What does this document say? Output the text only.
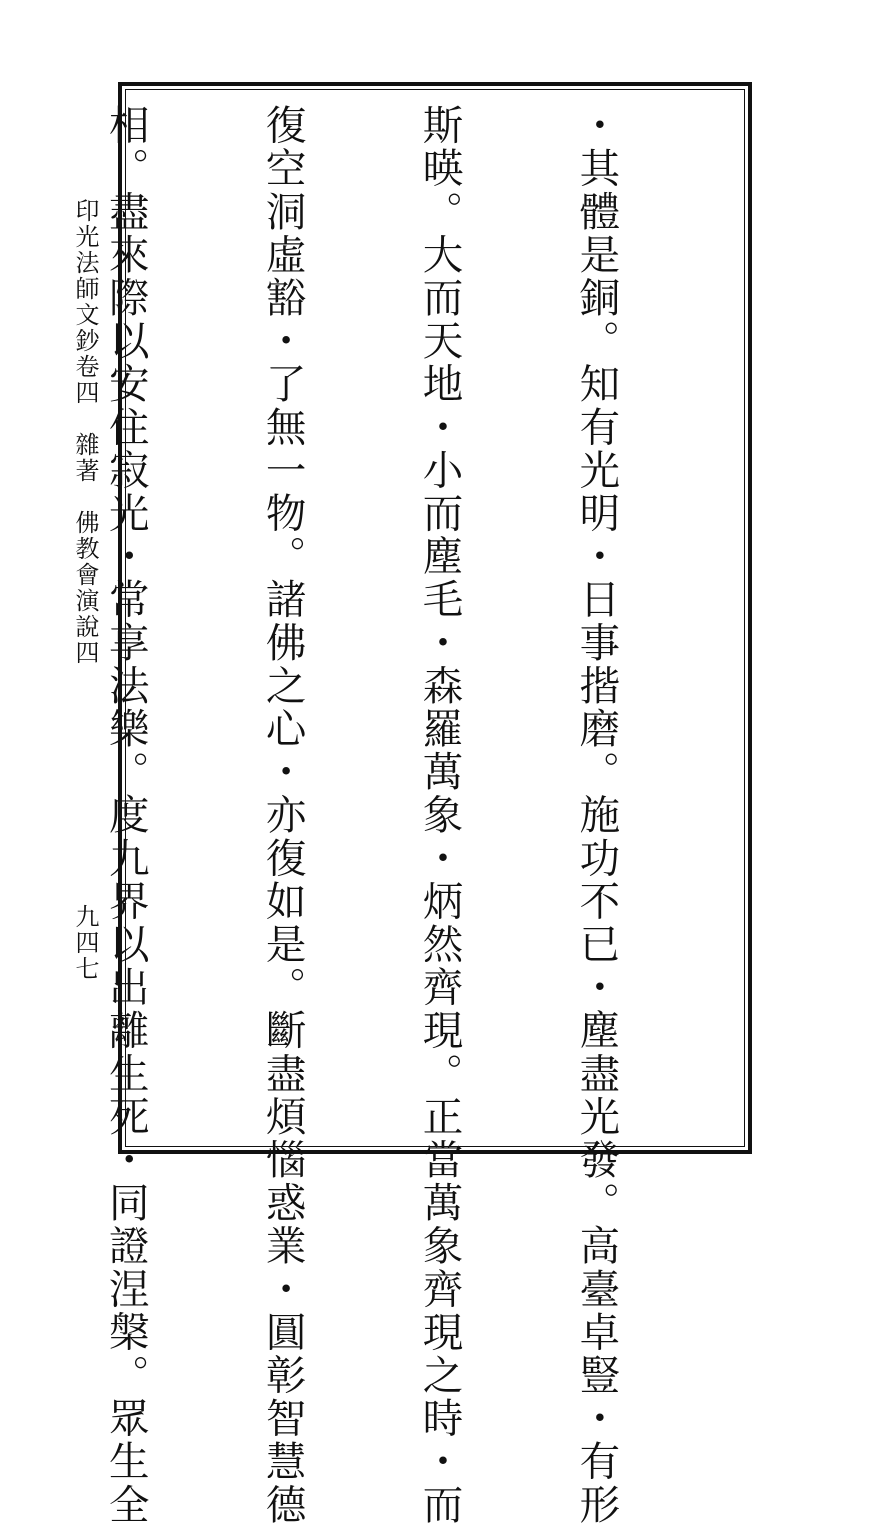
・其體是銅。知有光明・日事揩磨。施功不已・塵盡光發。高臺卓豎・有形

斯暎。大而天地・小而塵毛・森羅萬象・炳然齊現。正當萬象齊現之時・而

復空洞虛豁・了無一物。諸佛之心・亦復如是。斷盡煩惱惑業・圓彰智慧德

相。盡來際以安住寂光・常享法樂。度九界以出離生死・同證涅槃。眾生全

印光法師文鈔卷四　雜著　佛教會演說四
九四七
